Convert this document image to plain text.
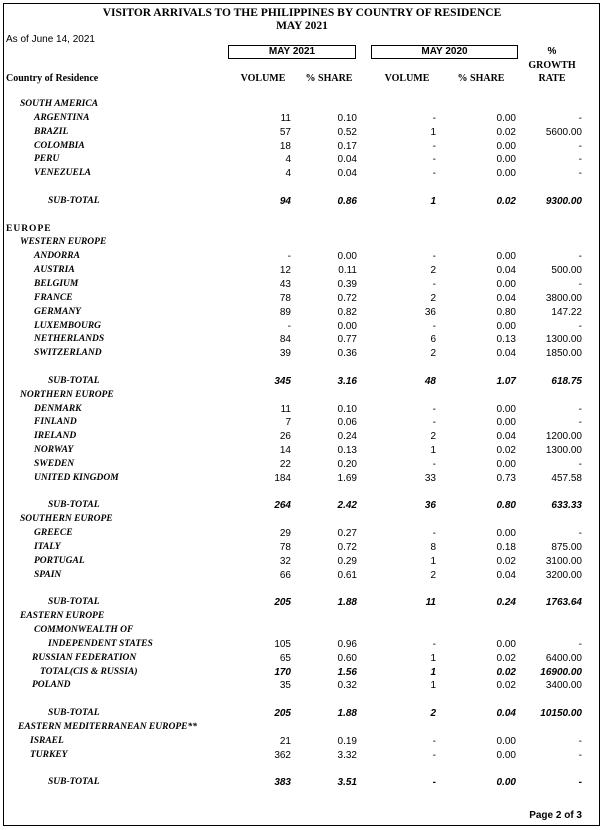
VISITOR ARRIVALS TO THE PHILIPPINES BY COUNTRY OF RESIDENCE
MAY 2021
As of June 14, 2021
MAY 2021	MAY 2020	%
GROWTH
RATE
Country of Residence	VOLUME	% SHARE	VOLUME	% SHARE
SOUTH AMERICA
ARGENTINA	11	0.10	-	0.00	-
BRAZIL	57	0.52	1	0.02	5600.00
COLOMBIA	18	0.17	-	0.00	-
PERU	4	0.04	-	0.00	-
VENEZUELA	4	0.04	-	0.00	-
SUB-TOTAL	94	0.86	1	0.02	9300.00
EUROPE
WESTERN EUROPE
ANDORRA	-	0.00	-	0.00	-
AUSTRIA	12	0.11	2	0.04	500.00
BELGIUM	43	0.39	-	0.00	-
FRANCE	78	0.72	2	0.04	3800.00
GERMANY	89	0.82	36	0.80	147.22
LUXEMBOURG	-	0.00	-	0.00	-
NETHERLANDS	84	0.77	6	0.13	1300.00
SWITZERLAND	39	0.36	2	0.04	1850.00
SUB-TOTAL	345	3.16	48	1.07	618.75
NORTHERN EUROPE
DENMARK	11	0.10	-	0.00	-
FINLAND	7	0.06	-	0.00	-
IRELAND	26	0.24	2	0.04	1200.00
NORWAY	14	0.13	1	0.02	1300.00
SWEDEN	22	0.20	-	0.00	-
UNITED KINGDOM	184	1.69	33	0.73	457.58
SUB-TOTAL	264	2.42	36	0.80	633.33
SOUTHERN EUROPE
GREECE	29	0.27	-	0.00	-
ITALY	78	0.72	8	0.18	875.00
PORTUGAL	32	0.29	1	0.02	3100.00
SPAIN	66	0.61	2	0.04	3200.00
SUB-TOTAL	205	1.88	11	0.24	1763.64
EASTERN EUROPE
COMMONWEALTH OF
INDEPENDENT STATES	105	0.96	-	0.00	-
RUSSIAN FEDERATION	65	0.60	1	0.02	6400.00
TOTAL(CIS & RUSSIA)	170	1.56	1	0.02	16900.00
POLAND	35	0.32	1	0.02	3400.00
SUB-TOTAL	205	1.88	2	0.04	10150.00
EASTERN MEDITERRANEAN EUROPE**
ISRAEL	21	0.19	-	0.00	-
TURKEY	362	3.32	-	0.00	-
SUB-TOTAL	383	3.51	-	0.00	-
Page 2 of 3
